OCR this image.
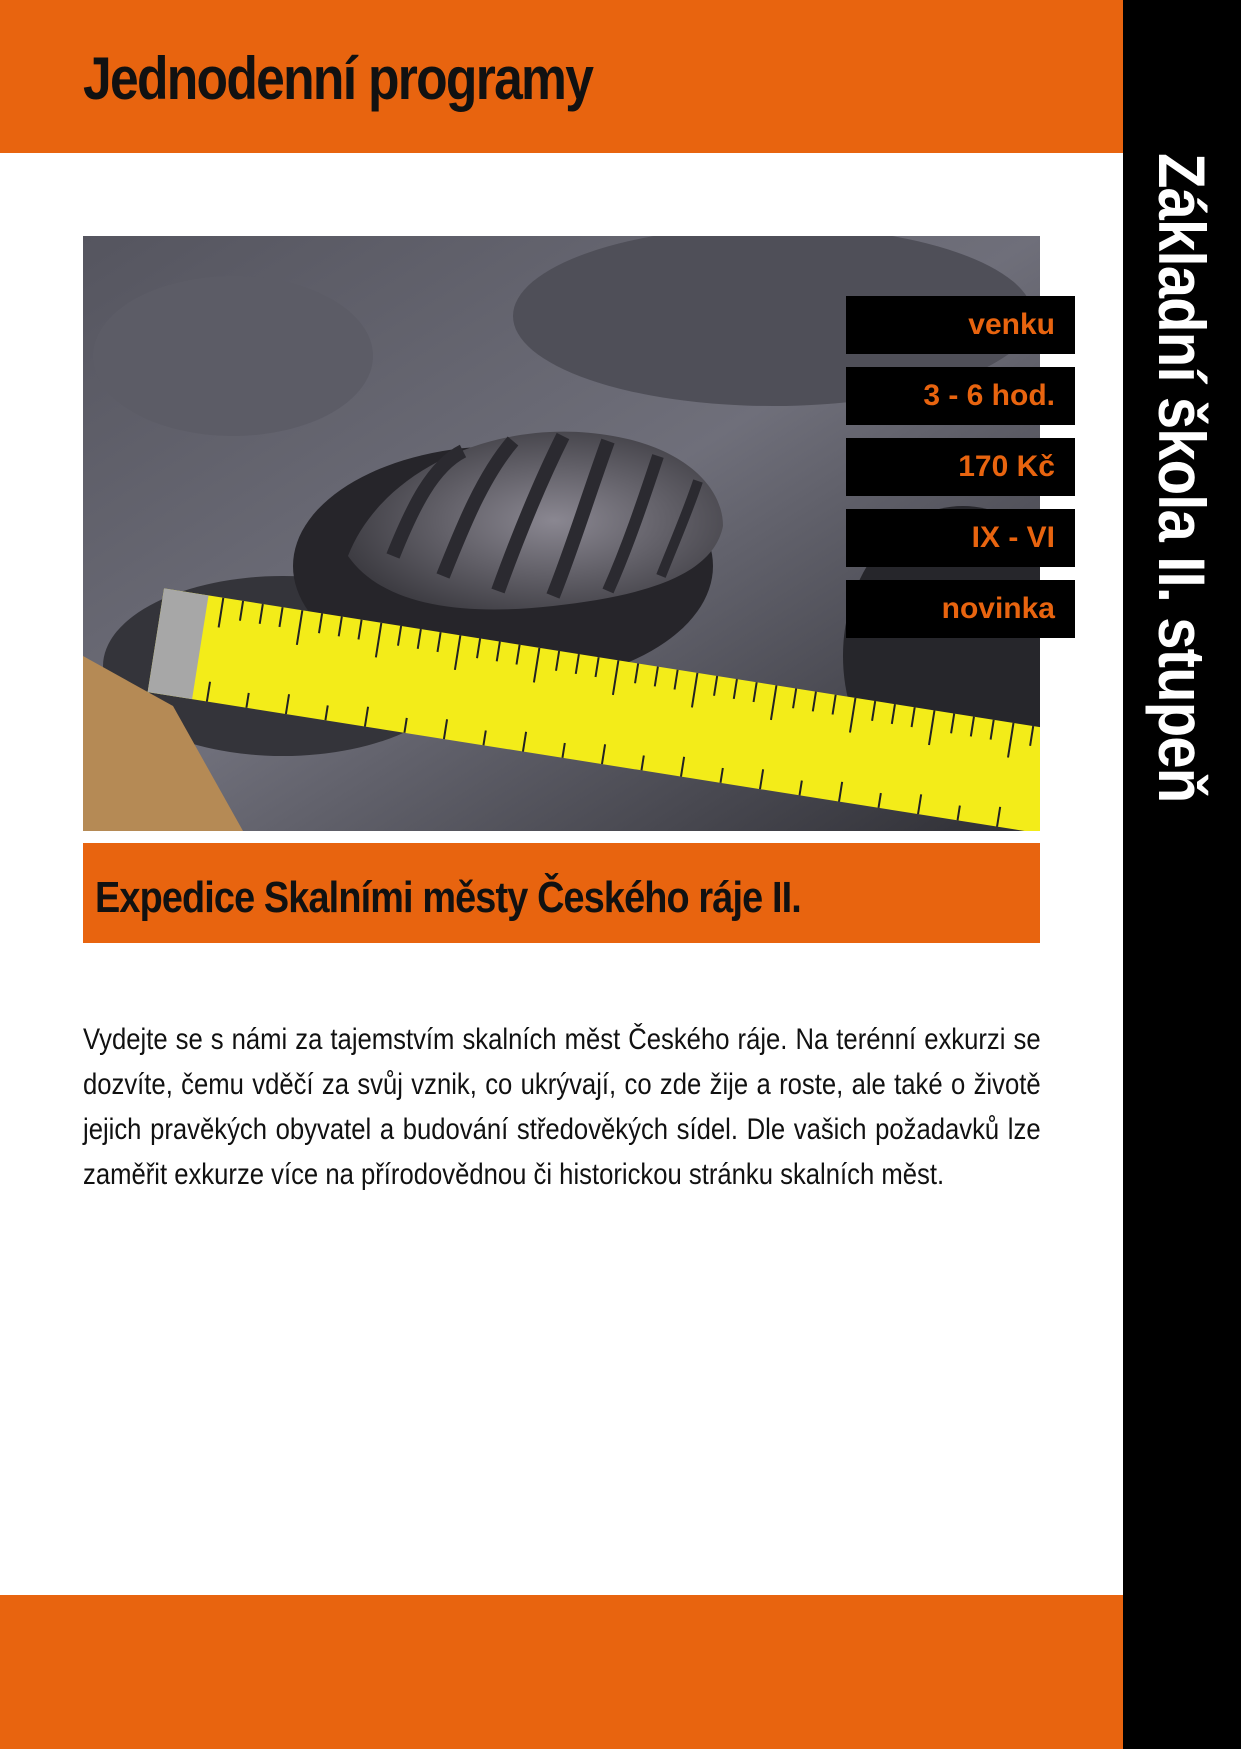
Jednodenní programy
Základní škola II. stupeň
venku
3 - 6 hod.
170 Kč
IX - VI
novinka
Expedice Skalními městy Českého ráje II.

Vydejte se s námi za tajemstvím skalních měst Českého ráje. Na terénní exkurzi se dozvíte, čemu vděčí za svůj vznik, co ukrývají, co zde žije a roste, ale také o životě jejich pravěkých obyvatel a budování středověkých sídel. Dle vašich požadavků lze zaměřit exkurze více na přírodovědnou či historickou stránku skalních měst.
